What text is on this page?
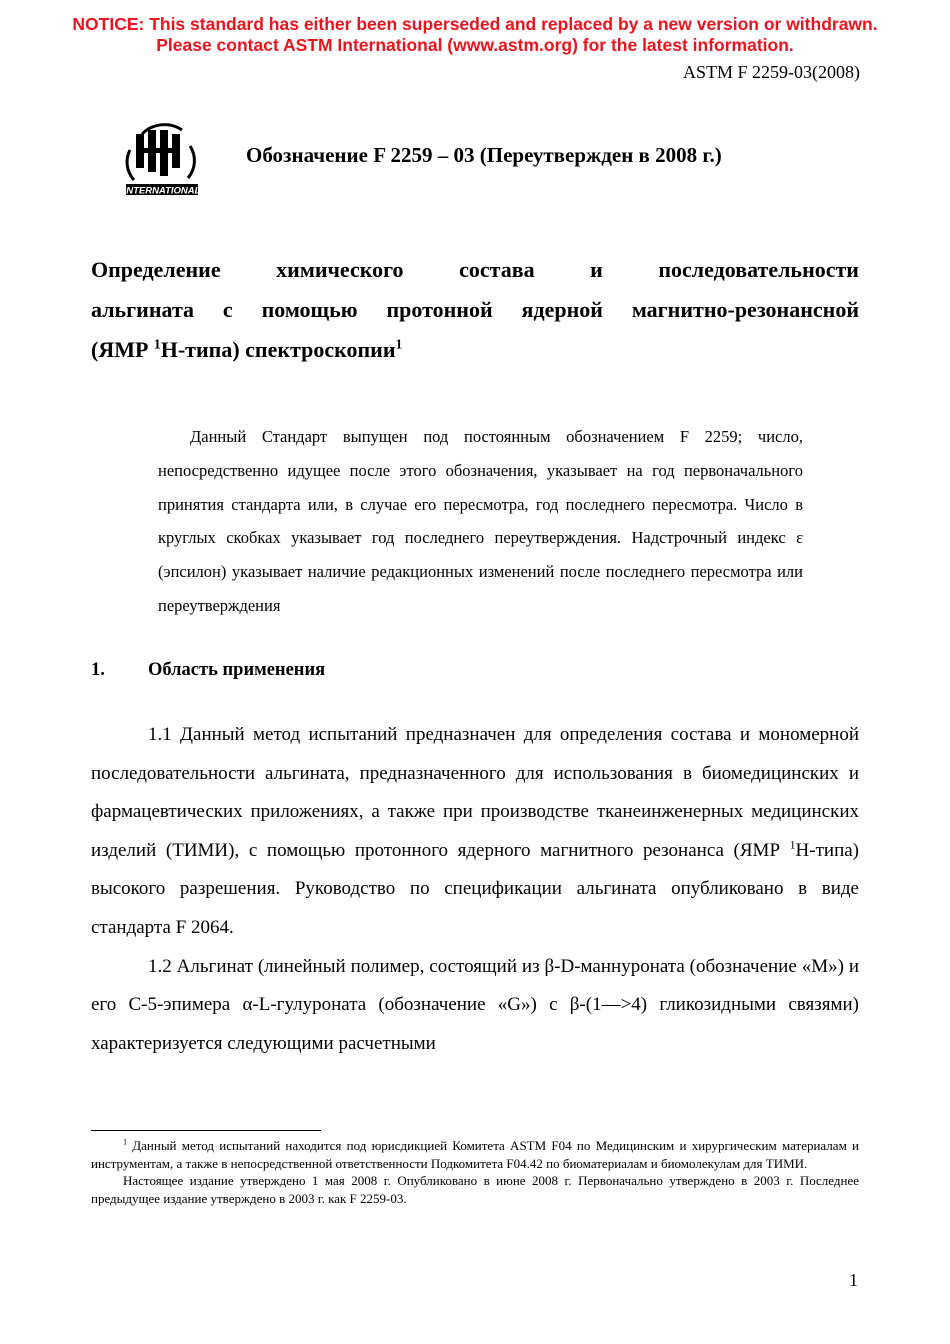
NOTICE: This standard has either been superseded and replaced by a new version or withdrawn.
Please contact ASTM International (www.astm.org) for the latest information.
ASTM F 2259-03(2008)
INTERNATIONAL
Обозначение F 2259 – 03 (Переутвержден в 2008 г.)
Определение химического состава и последовательности
альгината с помощью протонной ядерной магнитно-резонансной
(ЯМР $^1$Н-типа) спектроскопии$^1$

Данный Стандарт выпущен под постоянным обозначением F 2259; число, непосредственно идущее после этого обозначения, указывает на год первоначального принятия стандарта или, в случае его пересмотра, год последнего пересмотра. Число в круглых скобках указывает год последнего переутверждения. Надстрочный индекс ε (эпсилон) указывает наличие редакционных изменений после последнего пересмотра или переутверждения

1. Область применения

1.1 Данный метод испытаний предназначен для определения состава и мономерной последовательности альгината, предназначенного для использования в биомедицинских и фармацевтических приложениях, а также при производстве тканеинженерных медицинских изделий (ТИМИ), с помощью протонного ядерного магнитного резонанса (ЯМР $^1$Н-типа) высокого разрешения. Руководство по спецификации альгината опубликовано в виде стандарта F 2064.

1.2 Альгинат (линейный полимер, состоящий из β-D-маннуроната (обозначение «M») и его С-5-эпимера α-L-гулуроната (обозначение «G») с β-(1—>4) гликозидными связями) характеризуется следующими расчетными

$^1$ Данный метод испытаний находится под юрисдикцией Комитета ASTM F04 по Медицинским и хирургическим материалам и инструментам, а также в непосредственной ответственности Подкомитета F04.42 по биоматериалам и биомолекулам для ТИМИ.

Настоящее издание утверждено 1 мая 2008 г. Опубликовано в июне 2008 г. Первоначально утверждено в 2003 г. Последнее предыдущее издание утверждено в 2003 г. как F 2259-03.

1
